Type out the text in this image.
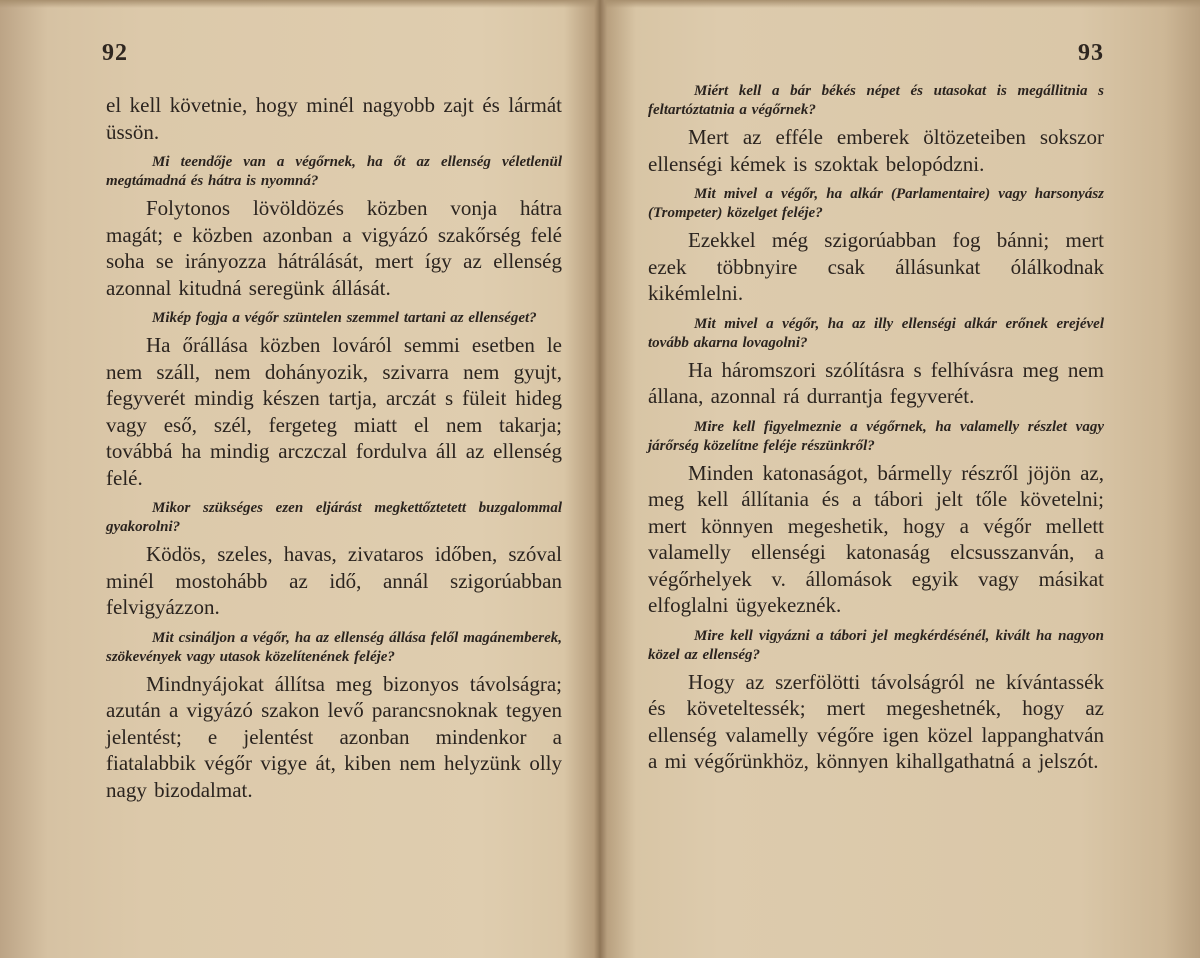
92

el kell követnie, hogy minél nagyobb zajt és lármát üssön.

Mi teendője van a végőrnek, ha őt az ellenség véletlenül megtámadná és hátra is nyomná?

Folytonos lövöldözés közben vonja hátra magát; e közben azonban a vigyázó szakőrség felé soha se irányozza hátrálását, mert így az ellenség azonnal kitudná seregünk állását.

Mikép fogja a végőr szüntelen szemmel tartani az ellenséget?

Ha őrállása közben lováról semmi esetben le nem száll, nem dohányozik, szivarra nem gyujt, fegyverét mindig készen tartja, arczát s füleit hideg vagy eső, szél, fergeteg miatt el nem takarja; továbbá ha mindig arczczal fordulva áll az ellenség felé.

Mikor szükséges ezen eljárást megkettőztetett buzgalommal gyakorolni?

Ködös, szeles, havas, zivataros időben, szóval minél mostohább az idő, annál szigorúabban felvigyázzon.

Mit csináljon a végőr, ha az ellenség állása felől magánemberek, szökevények vagy utasok közelítenének feléje?

Mindnyájokat állítsa meg bizonyos távolságra; azután a vigyázó szakon levő parancsnoknak tegyen jelentést; e jelentést azonban mindenkor a fiatalabbik végőr vigye át, kiben nem helyzünk olly nagy bizodalmat.

93

Miért kell a bár békés népet és utasokat is megállitnia s feltartóztatnia a végőrnek?

Mert az efféle emberek öltözeteiben sokszor ellenségi kémek is szoktak belopódzni.

Mit mivel a végőr, ha alkár (Parlamentaire) vagy harsonyász (Trompeter) közelget feléje?

Ezekkel még szigorúabban fog bánni; mert ezek többnyire csak állásunkat ólálkodnak kikémlelni.

Mit mivel a végőr, ha az illy ellenségi alkár erőnek erejével tovább akarna lovagolni?

Ha háromszori szólításra s felhívásra meg nem állana, azonnal rá durrantja fegyverét.

Mire kell figyelmeznie a végőrnek, ha valamelly részlet vagy járőrség közelítne feléje részünkről?

Minden katonaságot, bármelly részről jöjön az, meg kell állítania és a tábori jelt tőle követelni; mert könnyen megeshetik, hogy a végőr mellett valamelly ellenségi katonaság elcsusszanván, a végőrhelyek v. állomások egyik vagy másikat elfoglalni ügyekeznék.

Mire kell vigyázni a tábori jel megkérdésénél, kivált ha nagyon közel az ellenség?

Hogy az szerfölötti távolságról ne kívántassék és követeltessék; mert megeshetnék, hogy az ellenség valamelly végőre igen közel lappanghatván a mi végőrünkhöz, könnyen kihallgathatná a jelszót.
